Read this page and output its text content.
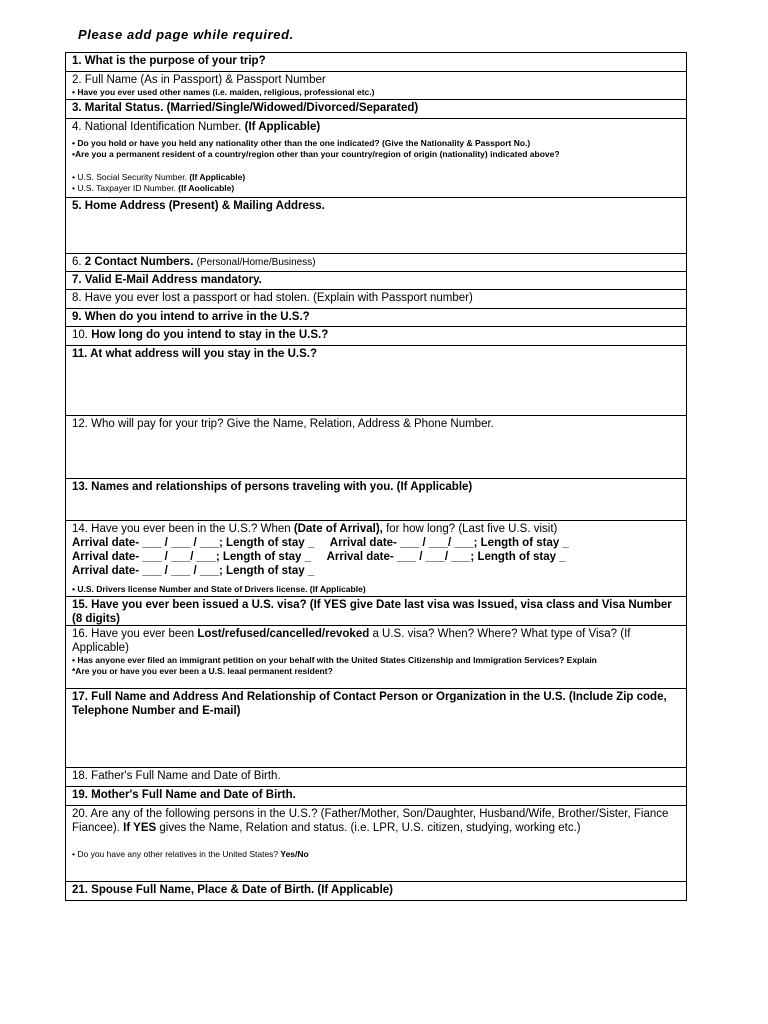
Please add page while required.
1. What is the purpose of your trip?
2. Full Name (As in Passport) & Passport Number
• Have you ever used other names (i.e. maiden, religious, professional etc.)
3. Marital Status. (Married/Single/Widowed/Divorced/Separated)
4. National Identification Number. (If Applicable)
• Do you hold or have you held any nationality other than the one indicated? (Give the Nationality & Passport No.)
•Are you a permanent resident of a country/region other than your country/region of origin (nationality) indicated above?
• U.S. Social Security Number. (If Applicable)
• U.S. Taxpayer ID Number. (If Aoolicable)
5. Home Address (Present) & Mailing Address.
6. 2 Contact Numbers. (Personal/Home/Business)
7. Valid E-Mail Address mandatory.
8. Have you ever lost a passport or had stolen. (Explain with Passport number)
9. When do you intend to arrive in the U.S.?
10. How long do you intend to stay in the U.S.?
11. At what address will you stay in the U.S.?
12. Who will pay for your trip? Give the Name, Relation, Address & Phone Number.
13. Names and relationships of persons traveling with you. (If Applicable)
14. Have you ever been in the U.S.? When (Date of Arrival), for how long? (Last five U.S. visit)
Arrival date- ___ / ___ / ___; Length of stay _     Arrival date- ___ / ___/ ___; Length of stay _
Arrival date- ___ / ___/ ___; Length of stay _     Arrival date- ___ / ___/ ___; Length of stay _
Arrival date- ___ / ___ / ___; Length of stay _
• U.S. Drivers license Number and State of Drivers license. (If Applicable)
15. Have you ever been issued a U.S. visa? (If YES give Date last visa was Issued, visa class and Visa Number (8 digits)
16. Have you ever been Lost/refused/cancelled/revoked a U.S. visa? When? Where? What type of Visa? (If Applicable)
• Has anyone ever filed an immigrant petition on your behalf with the United States Citizenship and Immigration Services? Explain
*Are you or have you ever been a U.S. leaal permanent resident?
17. Full Name and Address And Relationship of Contact Person or Organization in the U.S. (Include Zip code, Telephone Number and E-mail)
18. Father's Full Name and Date of Birth.
19. Mother's Full Name and Date of Birth.
20. Are any of the following persons in the U.S.? (Father/Mother, Son/Daughter, Husband/Wife, Brother/Sister, Fiance Fiancee). If YES gives the Name, Relation and status. (i.e. LPR, U.S. citizen, studying, working etc.)
• Do you have any other relatives in the United States? Yes/No
21. Spouse Full Name, Place & Date of Birth. (If Applicable)
